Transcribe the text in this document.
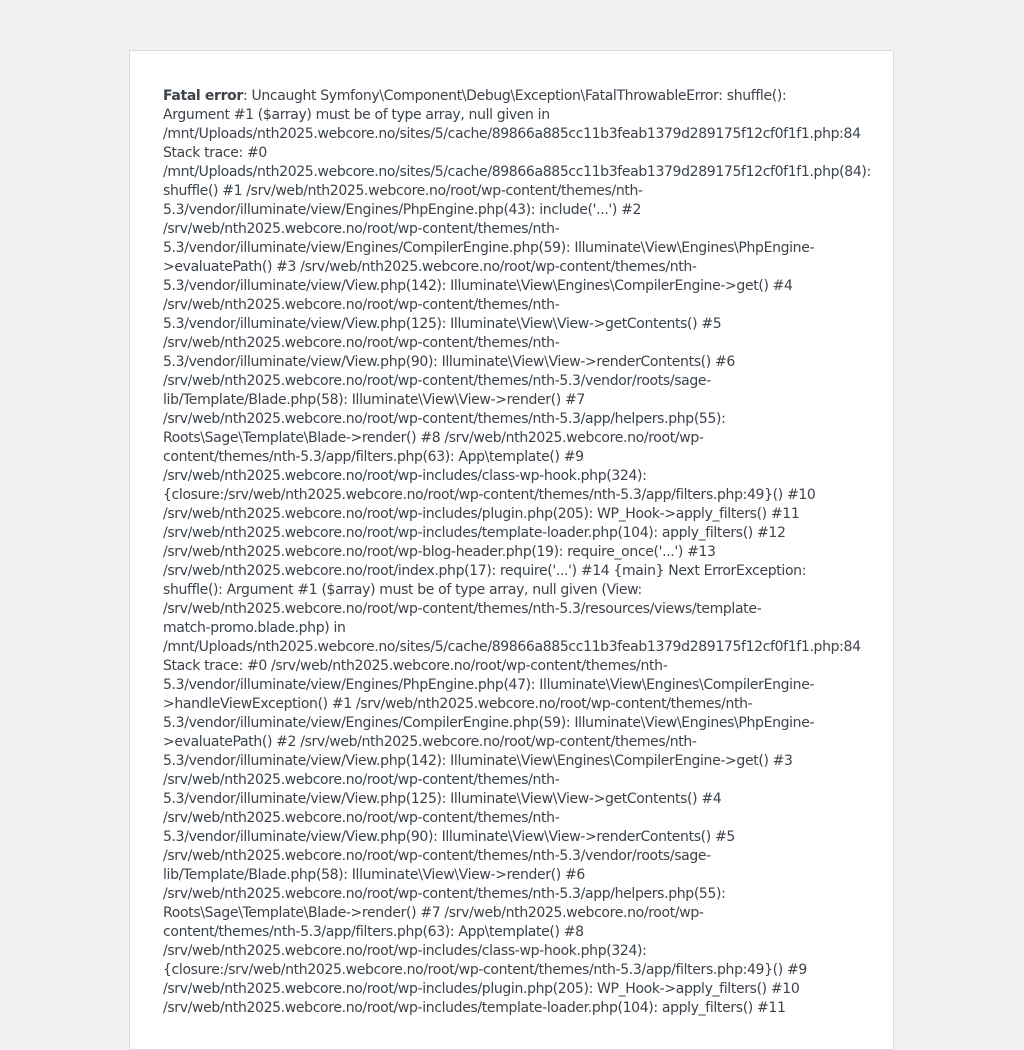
Fatal error: Uncaught Symfony\Component\Debug\Exception\FatalThrowableError: shuffle():
Argument #1 ($array) must be of type array, null given in
/mnt/Uploads/nth2025.webcore.no/sites/5/cache/89866a885cc11b3feab1379d289175f12cf0f1f1.php:84
Stack trace: #0
/mnt/Uploads/nth2025.webcore.no/sites/5/cache/89866a885cc11b3feab1379d289175f12cf0f1f1.php(84):
shuffle() #1 /srv/web/nth2025.webcore.no/root/wp-content/themes/nth-
5.3/vendor/illuminate/view/Engines/PhpEngine.php(43): include('...') #2
/srv/web/nth2025.webcore.no/root/wp-content/themes/nth-
5.3/vendor/illuminate/view/Engines/CompilerEngine.php(59): Illuminate\View\Engines\PhpEngine-
>evaluatePath() #3 /srv/web/nth2025.webcore.no/root/wp-content/themes/nth-
5.3/vendor/illuminate/view/View.php(142): Illuminate\View\Engines\CompilerEngine->get() #4
/srv/web/nth2025.webcore.no/root/wp-content/themes/nth-
5.3/vendor/illuminate/view/View.php(125): Illuminate\View\View->getContents() #5
/srv/web/nth2025.webcore.no/root/wp-content/themes/nth-
5.3/vendor/illuminate/view/View.php(90): Illuminate\View\View->renderContents() #6
/srv/web/nth2025.webcore.no/root/wp-content/themes/nth-5.3/vendor/roots/sage-
lib/Template/Blade.php(58): Illuminate\View\View->render() #7
/srv/web/nth2025.webcore.no/root/wp-content/themes/nth-5.3/app/helpers.php(55):
Roots\Sage\Template\Blade->render() #8 /srv/web/nth2025.webcore.no/root/wp-
content/themes/nth-5.3/app/filters.php(63): App\template() #9
/srv/web/nth2025.webcore.no/root/wp-includes/class-wp-hook.php(324):
{closure:/srv/web/nth2025.webcore.no/root/wp-content/themes/nth-5.3/app/filters.php:49}() #10
/srv/web/nth2025.webcore.no/root/wp-includes/plugin.php(205): WP_Hook->apply_filters() #11
/srv/web/nth2025.webcore.no/root/wp-includes/template-loader.php(104): apply_filters() #12
/srv/web/nth2025.webcore.no/root/wp-blog-header.php(19): require_once('...') #13
/srv/web/nth2025.webcore.no/root/index.php(17): require('...') #14 {main} Next ErrorException:
shuffle(): Argument #1 ($array) must be of type array, null given (View:
/srv/web/nth2025.webcore.no/root/wp-content/themes/nth-5.3/resources/views/template-
match-promo.blade.php) in
/mnt/Uploads/nth2025.webcore.no/sites/5/cache/89866a885cc11b3feab1379d289175f12cf0f1f1.php:84
Stack trace: #0 /srv/web/nth2025.webcore.no/root/wp-content/themes/nth-
5.3/vendor/illuminate/view/Engines/PhpEngine.php(47): Illuminate\View\Engines\CompilerEngine-
>handleViewException() #1 /srv/web/nth2025.webcore.no/root/wp-content/themes/nth-
5.3/vendor/illuminate/view/Engines/CompilerEngine.php(59): Illuminate\View\Engines\PhpEngine-
>evaluatePath() #2 /srv/web/nth2025.webcore.no/root/wp-content/themes/nth-
5.3/vendor/illuminate/view/View.php(142): Illuminate\View\Engines\CompilerEngine->get() #3
/srv/web/nth2025.webcore.no/root/wp-content/themes/nth-
5.3/vendor/illuminate/view/View.php(125): Illuminate\View\View->getContents() #4
/srv/web/nth2025.webcore.no/root/wp-content/themes/nth-
5.3/vendor/illuminate/view/View.php(90): Illuminate\View\View->renderContents() #5
/srv/web/nth2025.webcore.no/root/wp-content/themes/nth-5.3/vendor/roots/sage-
lib/Template/Blade.php(58): Illuminate\View\View->render() #6
/srv/web/nth2025.webcore.no/root/wp-content/themes/nth-5.3/app/helpers.php(55):
Roots\Sage\Template\Blade->render() #7 /srv/web/nth2025.webcore.no/root/wp-
content/themes/nth-5.3/app/filters.php(63): App\template() #8
/srv/web/nth2025.webcore.no/root/wp-includes/class-wp-hook.php(324):
{closure:/srv/web/nth2025.webcore.no/root/wp-content/themes/nth-5.3/app/filters.php:49}() #9
/srv/web/nth2025.webcore.no/root/wp-includes/plugin.php(205): WP_Hook->apply_filters() #10
/srv/web/nth2025.webcore.no/root/wp-includes/template-loader.php(104): apply_filters() #11
